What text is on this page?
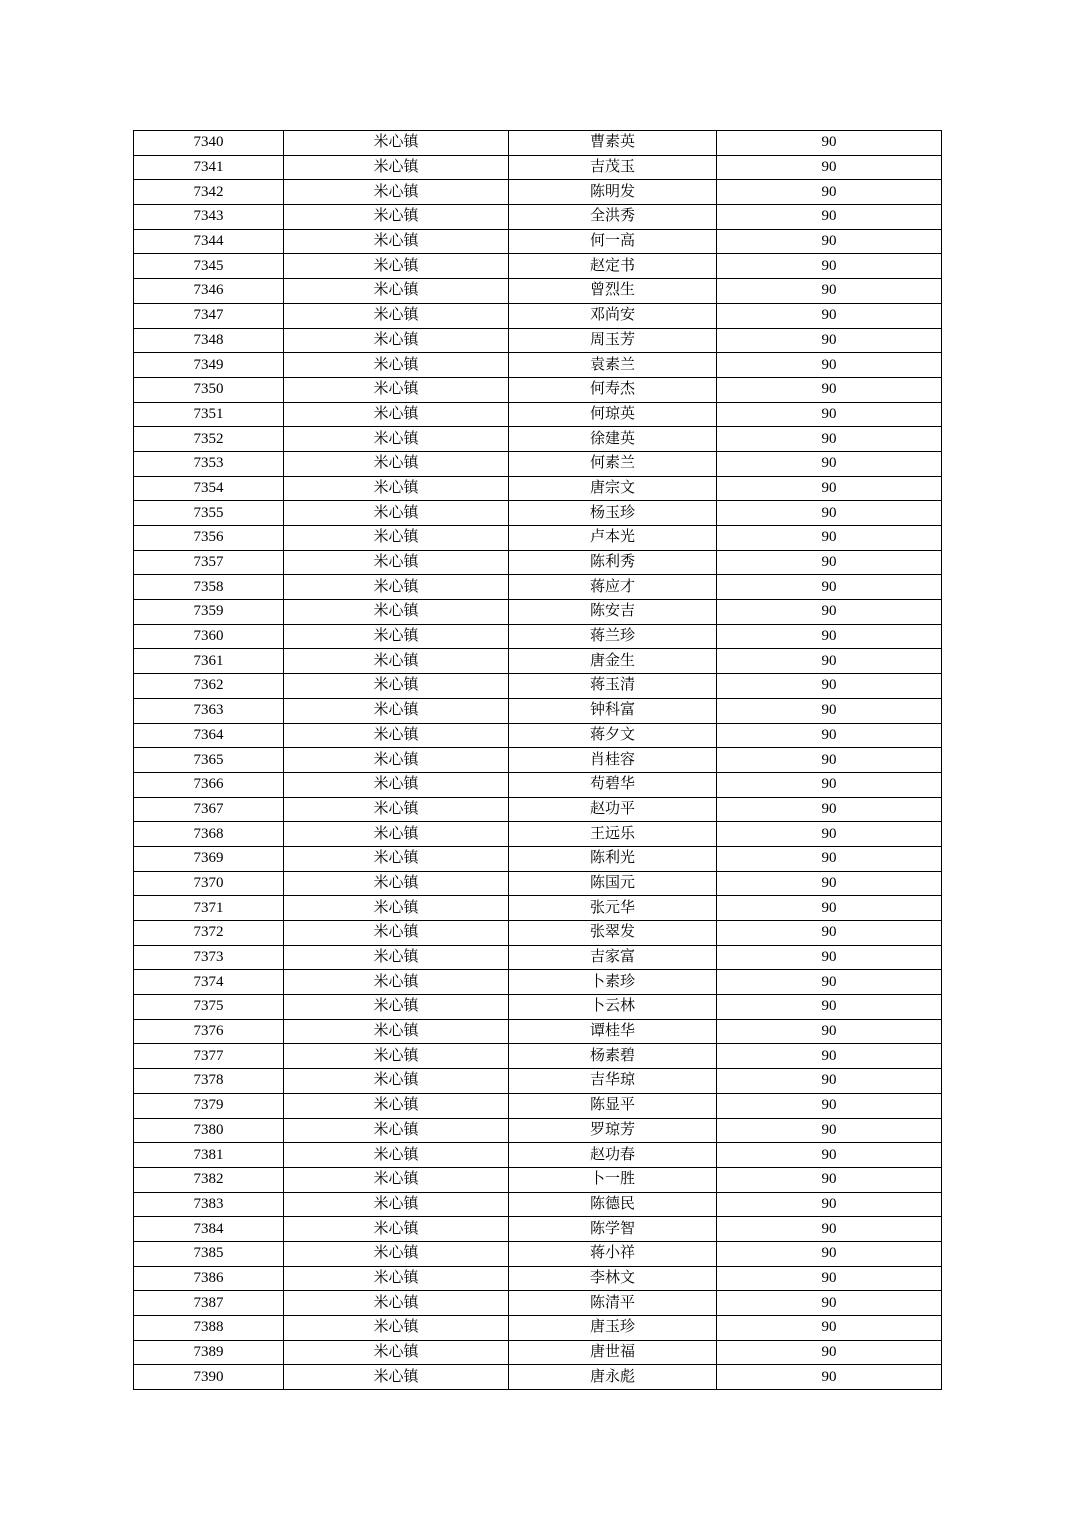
7340	米心镇	曹素英	90
7341	米心镇	吉茂玉	90
7342	米心镇	陈明发	90
7343	米心镇	全洪秀	90
7344	米心镇	何一高	90
7345	米心镇	赵定书	90
7346	米心镇	曾烈生	90
7347	米心镇	邓尚安	90
7348	米心镇	周玉芳	90
7349	米心镇	袁素兰	90
7350	米心镇	何寿杰	90
7351	米心镇	何琼英	90
7352	米心镇	徐建英	90
7353	米心镇	何素兰	90
7354	米心镇	唐宗文	90
7355	米心镇	杨玉珍	90
7356	米心镇	卢本光	90
7357	米心镇	陈利秀	90
7358	米心镇	蒋应才	90
7359	米心镇	陈安吉	90
7360	米心镇	蒋兰珍	90
7361	米心镇	唐金生	90
7362	米心镇	蒋玉清	90
7363	米心镇	钟科富	90
7364	米心镇	蒋夕文	90
7365	米心镇	肖桂容	90
7366	米心镇	苟碧华	90
7367	米心镇	赵功平	90
7368	米心镇	王远乐	90
7369	米心镇	陈利光	90
7370	米心镇	陈国元	90
7371	米心镇	张元华	90
7372	米心镇	张翠发	90
7373	米心镇	吉家富	90
7374	米心镇	卜素珍	90
7375	米心镇	卜云林	90
7376	米心镇	谭桂华	90
7377	米心镇	杨素碧	90
7378	米心镇	吉华琼	90
7379	米心镇	陈显平	90
7380	米心镇	罗琼芳	90
7381	米心镇	赵功春	90
7382	米心镇	卜一胜	90
7383	米心镇	陈德民	90
7384	米心镇	陈学智	90
7385	米心镇	蒋小祥	90
7386	米心镇	李林文	90
7387	米心镇	陈清平	90
7388	米心镇	唐玉珍	90
7389	米心镇	唐世福	90
7390	米心镇	唐永彪	90
